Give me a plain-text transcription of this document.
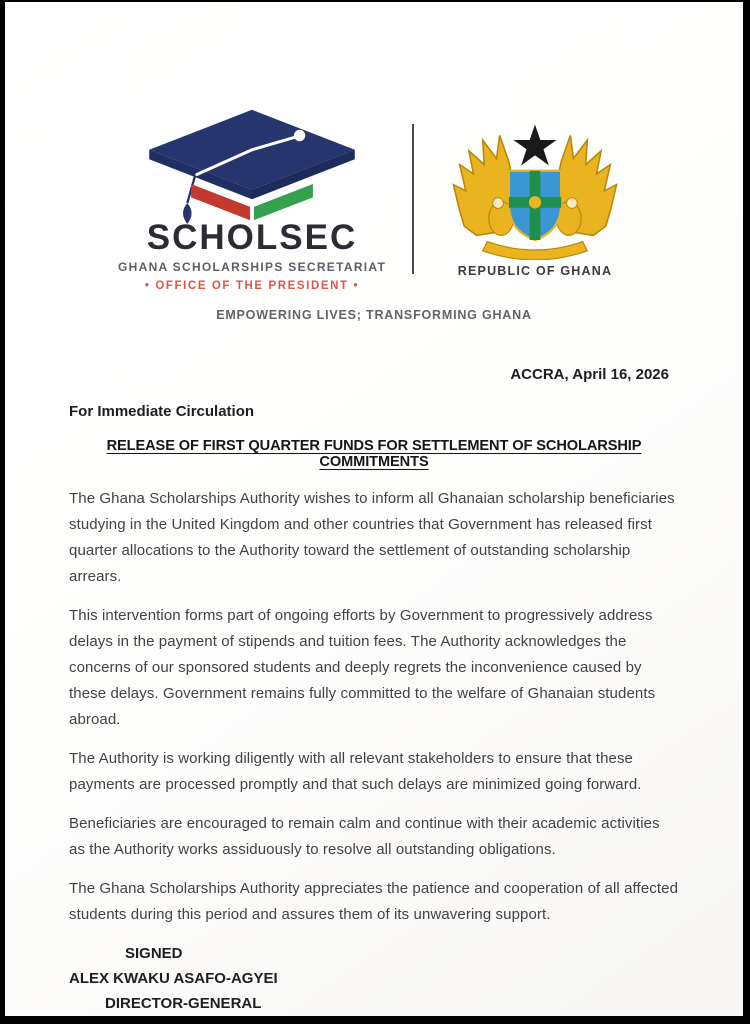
SCHOLSEC
GHANA SCHOLARSHIPS SECRETARIAT
• OFFICE OF THE PRESIDENT •
REPUBLIC OF GHANA
EMPOWERING LIVES; TRANSFORMING GHANA
ACCRA, April 16, 2026
For Immediate Circulation
RELEASE OF FIRST QUARTER FUNDS FOR SETTLEMENT OF SCHOLARSHIP COMMITMENTS

The Ghana Scholarships Authority wishes to inform all Ghanaian scholarship beneficiaries studying in the United Kingdom and other countries that Government has released first quarter allocations to the Authority toward the settlement of outstanding scholarship arrears.

This intervention forms part of ongoing efforts by Government to progressively address delays in the payment of stipends and tuition fees. The Authority acknowledges the concerns of our sponsored students and deeply regrets the inconvenience caused by these delays. Government remains fully committed to the welfare of Ghanaian students abroad.

The Authority is working diligently with all relevant stakeholders to ensure that these payments are processed promptly and that such delays are minimized going forward.

Beneficiaries are encouraged to remain calm and continue with their academic activities as the Authority works assiduously to resolve all outstanding obligations.

The Ghana Scholarships Authority appreciates the patience and cooperation of all affected students during this period and assures them of its unwavering support.

SIGNED
ALEX KWAKU ASAFO-AGYEI
DIRECTOR-GENERAL
